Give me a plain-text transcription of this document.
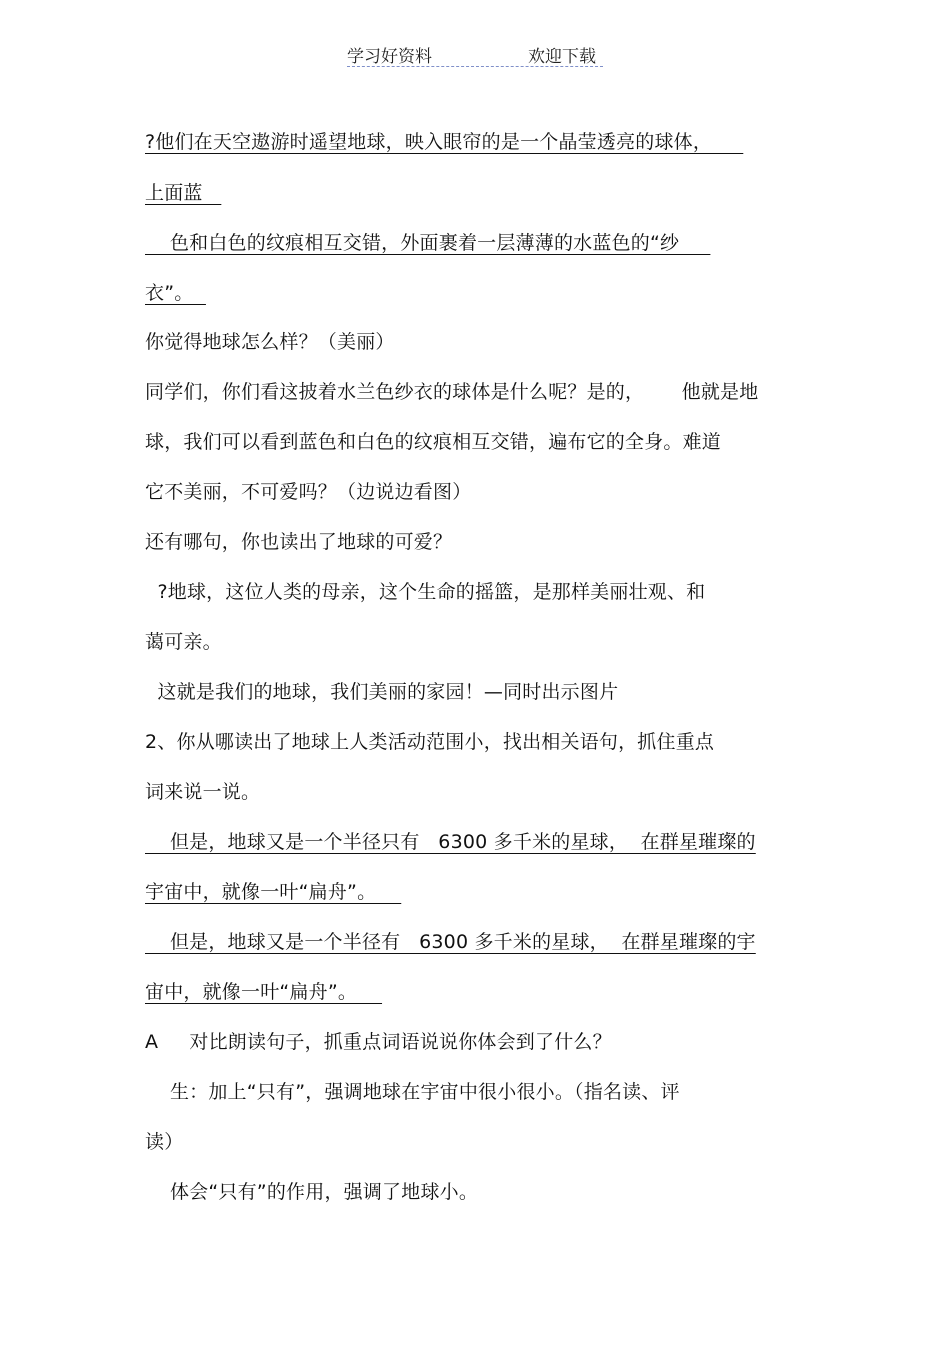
学习好资料	欢迎下载
?他们在天空遨游时遥望地球，映入眼帘的是一个晶莹透亮的球体，
上面蓝
色和白色的纹痕相互交错，外面裹着一层薄薄的水蓝色的“纱
衣”。
你觉得地球怎么样？（美丽）
同学们，你们看这披着水兰色纱衣的球体是什么呢？是的，      他就是地
球，我们可以看到蓝色和白色的纹痕相互交错，遍布它的全身。难道
它不美丽，不可爱吗？（边说边看图）
还有哪句，你也读出了地球的可爱？
?地球，这位人类的母亲，这个生命的摇篮，是那样美丽壮观、和
蔼可亲。
这就是我们的地球，我们美丽的家园！—同时出示图片
2、你从哪读出了地球上人类活动范围小，找出相关语句，抓住重点
词来说一说。
但是，地球又是一个半径只有   6300 多千米的星球，  在群星璀璨的
宇宙中，就像一叶“扁舟”。
但是，地球又是一个半径有   6300 多千米的星球，  在群星璀璨的宇
宙中，就像一叶“扁舟”。
A     对比朗读句子，抓重点词语说说你体会到了什么？
生：加上“只有”，强调地球在宇宙中很小很小。（指名读、评
读）
体会“只有”的作用，强调了地球小。
